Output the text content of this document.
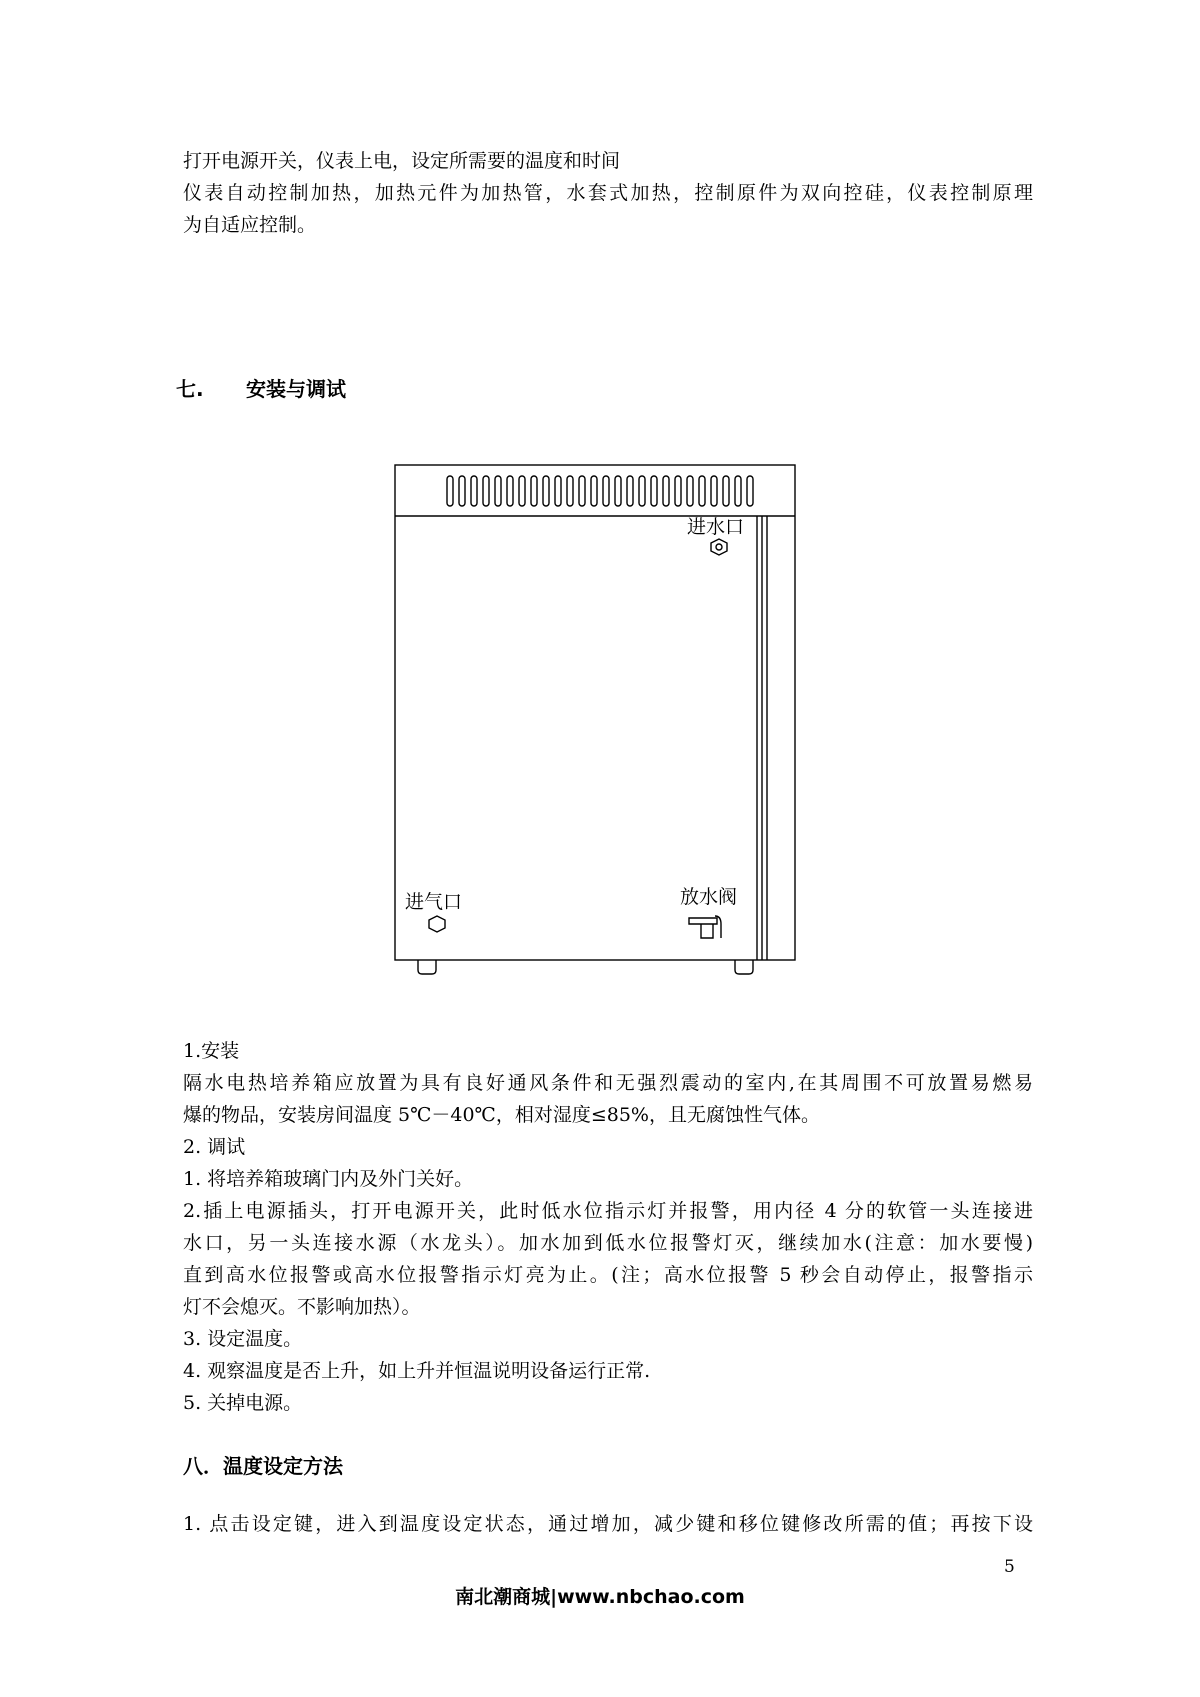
打开电源开关，仪表上电，设定所需要的温度和时间
仪表自动控制加热，加热元件为加热管，水套式加热，控制原件为双向控硅，仪表控制原理
为自适应控制。
七. 安装与调试
进水口
进气口	放水阀
1.安装
隔水电热培养箱应放置为具有良好通风条件和无强烈震动的室内,在其周围不可放置易燃易
爆的物品，安装房间温度 5℃－40℃，相对湿度≤85%，且无腐蚀性气体。
2. 调试
1. 将培养箱玻璃门内及外门关好。
2.插上电源插头，打开电源开关，此时低水位指示灯并报警，用内径 4 分的软管一头连接进
水口，另一头连接水源（水龙头）。加水加到低水位报警灯灭，继续加水(注意：加水要慢)
直到高水位报警或高水位报警指示灯亮为止。(注；高水位报警 5 秒会自动停止，报警指示
灯不会熄灭。不影响加热）。
3. 设定温度。
4. 观察温度是否上升，如上升并恒温说明设备运行正常.
5. 关掉电源。
八．温度设定方法
1. 点击设定键，进入到温度设定状态，通过增加，减少键和移位键修改所需的值；再按下设
5
南北潮商城|www.nbchao.com
